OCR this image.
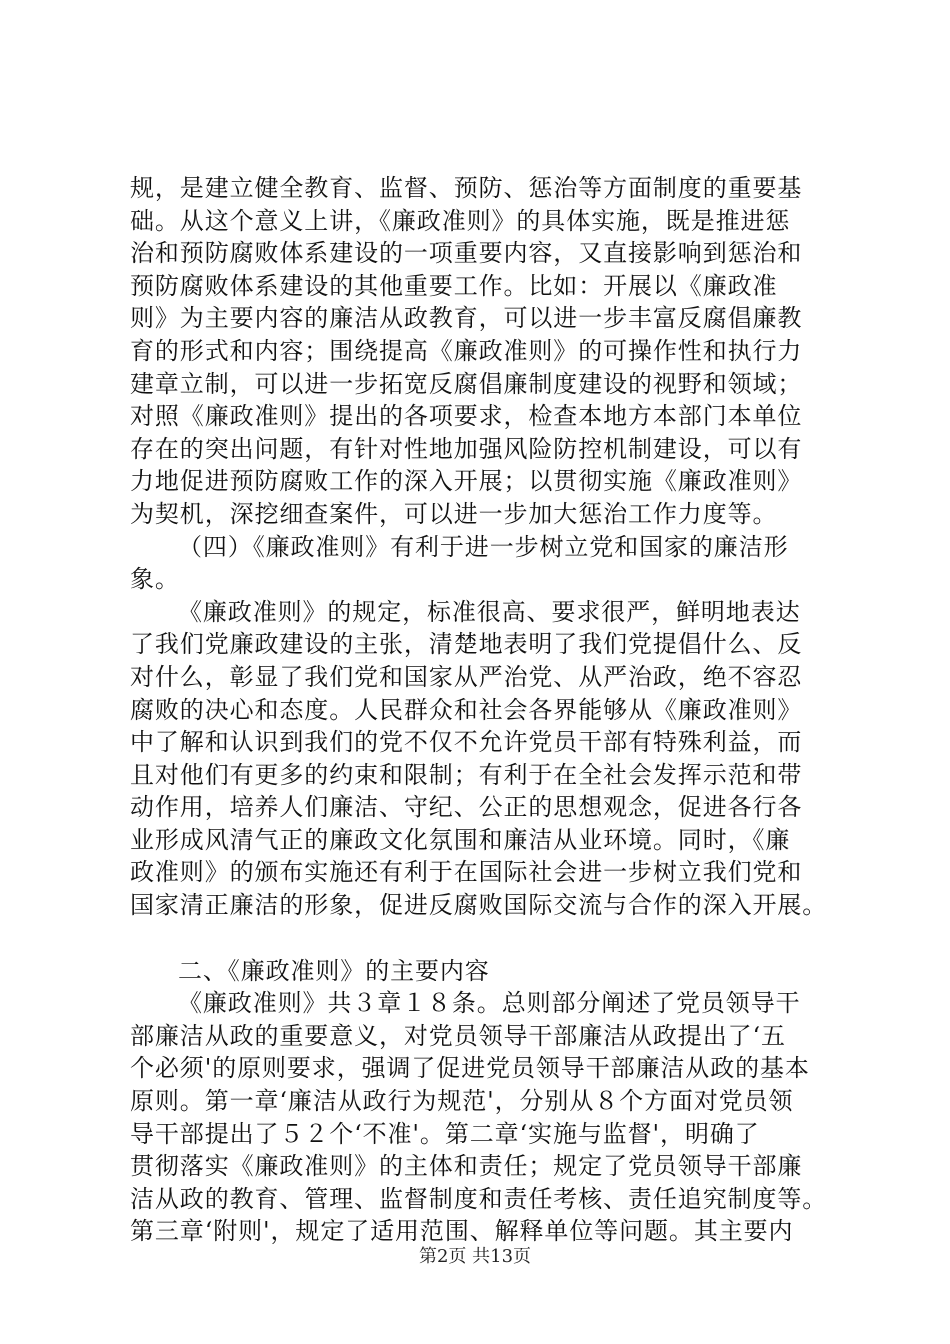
规，是建立健全教育、监督、预防、惩治等方面制度的重要基
础。从这个意义上讲，《廉政准则》的具体实施，既是推进惩
治和预防腐败体系建设的一项重要内容，又直接影响到惩治和
预防腐败体系建设的其他重要工作。比如：开展以《廉政准
则》为主要内容的廉洁从政教育，可以进一步丰富反腐倡廉教
育的形式和内容；围绕提高《廉政准则》的可操作性和执行力
建章立制，可以进一步拓宽反腐倡廉制度建设的视野和领域；
对照《廉政准则》提出的各项要求，检查本地方本部门本单位
存在的突出问题，有针对性地加强风险防控机制建设，可以有
力地促进预防腐败工作的深入开展；以贯彻实施《廉政准则》
为契机，深挖细查案件，可以进一步加大惩治工作力度等。
（四）《廉政准则》有利于进一步树立党和国家的廉洁形
象。
《廉政准则》的规定，标准很高、要求很严，鲜明地表达
了我们党廉政建设的主张，清楚地表明了我们党提倡什么、反
对什么，彰显了我们党和国家从严治党、从严治政，绝不容忍
腐败的决心和态度。人民群众和社会各界能够从《廉政准则》
中了解和认识到我们的党不仅不允许党员干部有特殊利益，而
且对他们有更多的约束和限制；有利于在全社会发挥示范和带
动作用，培养人们廉洁、守纪、公正的思想观念，促进各行各
业形成风清气正的廉政文化氛围和廉洁从业环境。同时，《廉
政准则》的颁布实施还有利于在国际社会进一步树立我们党和
国家清正廉洁的形象，促进反腐败国际交流与合作的深入开展。
二、《廉政准则》的主要内容
《廉政准则》共３章１８条。总则部分阐述了党员领导干
部廉洁从政的重要意义，对党员领导干部廉洁从政提出了‘五
个必须'的原则要求，强调了促进党员领导干部廉洁从政的基本
原则。第一章‘廉洁从政行为规范'，分别从８个方面对党员领
导干部提出了５２个‘不准'。第二章‘实施与监督'，明确了
贯彻落实《廉政准则》的主体和责任；规定了党员领导干部廉
洁从政的教育、管理、监督制度和责任考核、责任追究制度等。
第三章‘附则'，规定了适用范围、解释单位等问题。其主要内
第2页 共13页
